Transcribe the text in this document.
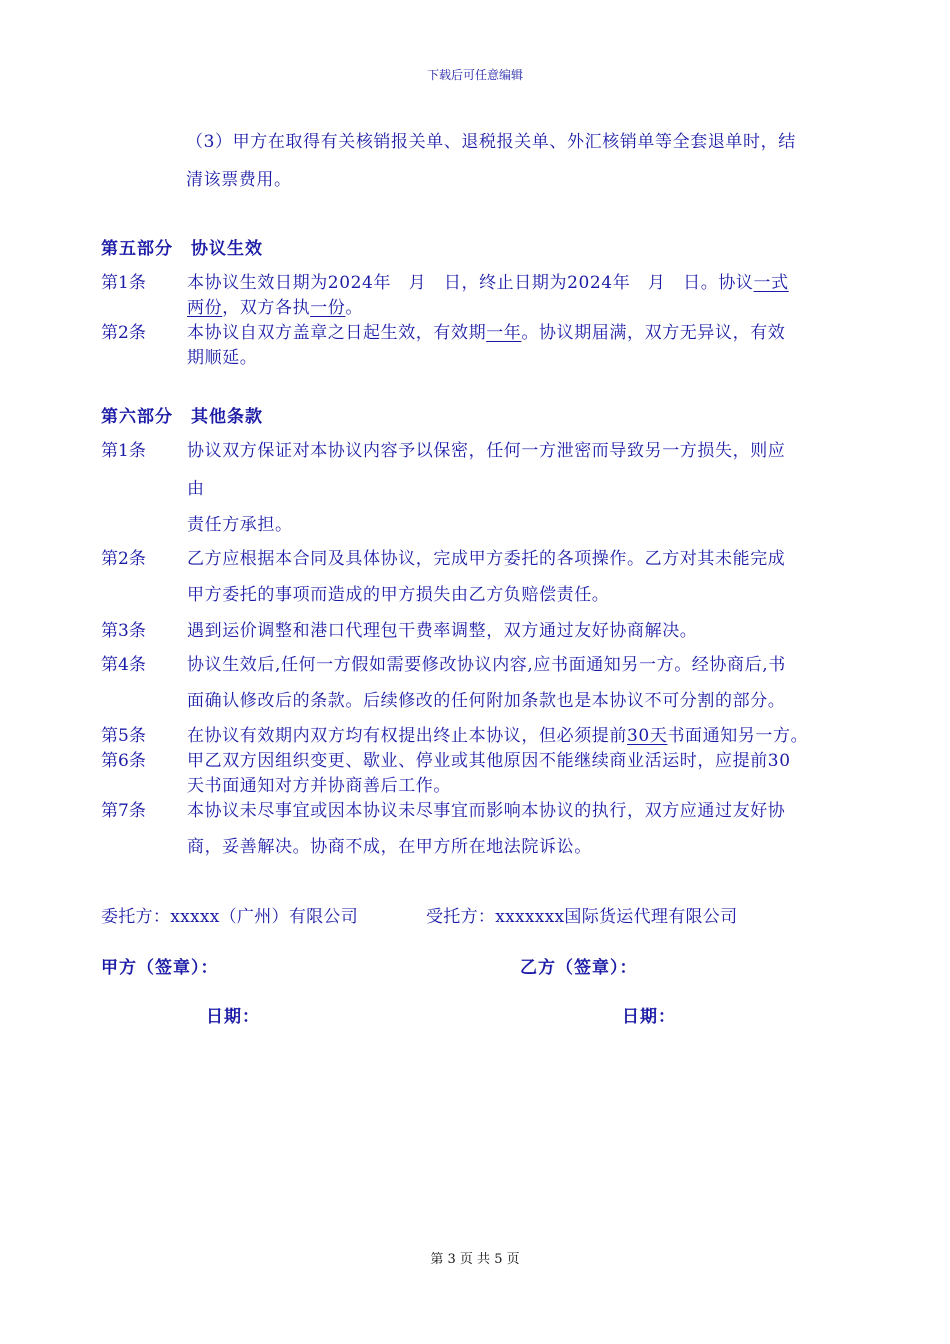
下载后可任意编辑
（3）甲方在取得有关核销报关单、退税报关单、外汇核销单等全套退单时，结
清该票费用。
第五部分　协议生效
第1条 本协议生效日期为2024年　月　日，终止日期为2024年　月　日。协议一式
两份，双方各执一份。
第2条 本协议自双方盖章之日起生效，有效期一年。协议期届满，双方无异议，有效
期顺延。
第六部分　其他条款
第1条 协议双方保证对本协议内容予以保密，任何一方泄密而导致另一方损失，则应
由
责任方承担。
第2条 乙方应根据本合同及具体协议，完成甲方委托的各项操作。乙方对其未能完成
甲方委托的事项而造成的甲方损失由乙方负赔偿责任。
第3条 遇到运价调整和港口代理包干费率调整，双方通过友好协商解决。
第4条 协议生效后,任何一方假如需要修改协议内容,应书面通知另一方。经协商后,书
面确认修改后的条款。后续修改的任何附加条款也是本协议不可分割的部分。
第5条 在协议有效期内双方均有权提出终止本协议，但必须提前30天书面通知另一方。
第6条 甲乙双方因组织变更、歇业、停业或其他原因不能继续商业活运时，应提前30
天书面通知对方并协商善后工作。
第7条 本协议未尽事宜或因本协议未尽事宜而影响本协议的执行，双方应通过友好协
商，妥善解决。协商不成，在甲方所在地法院诉讼。
委托方：xxxxx（广州）有限公司	受托方：xxxxxxx国际货运代理有限公司
甲方（签章）：	乙方（签章）：
日期：	日期：
第 3 页 共 5 页
